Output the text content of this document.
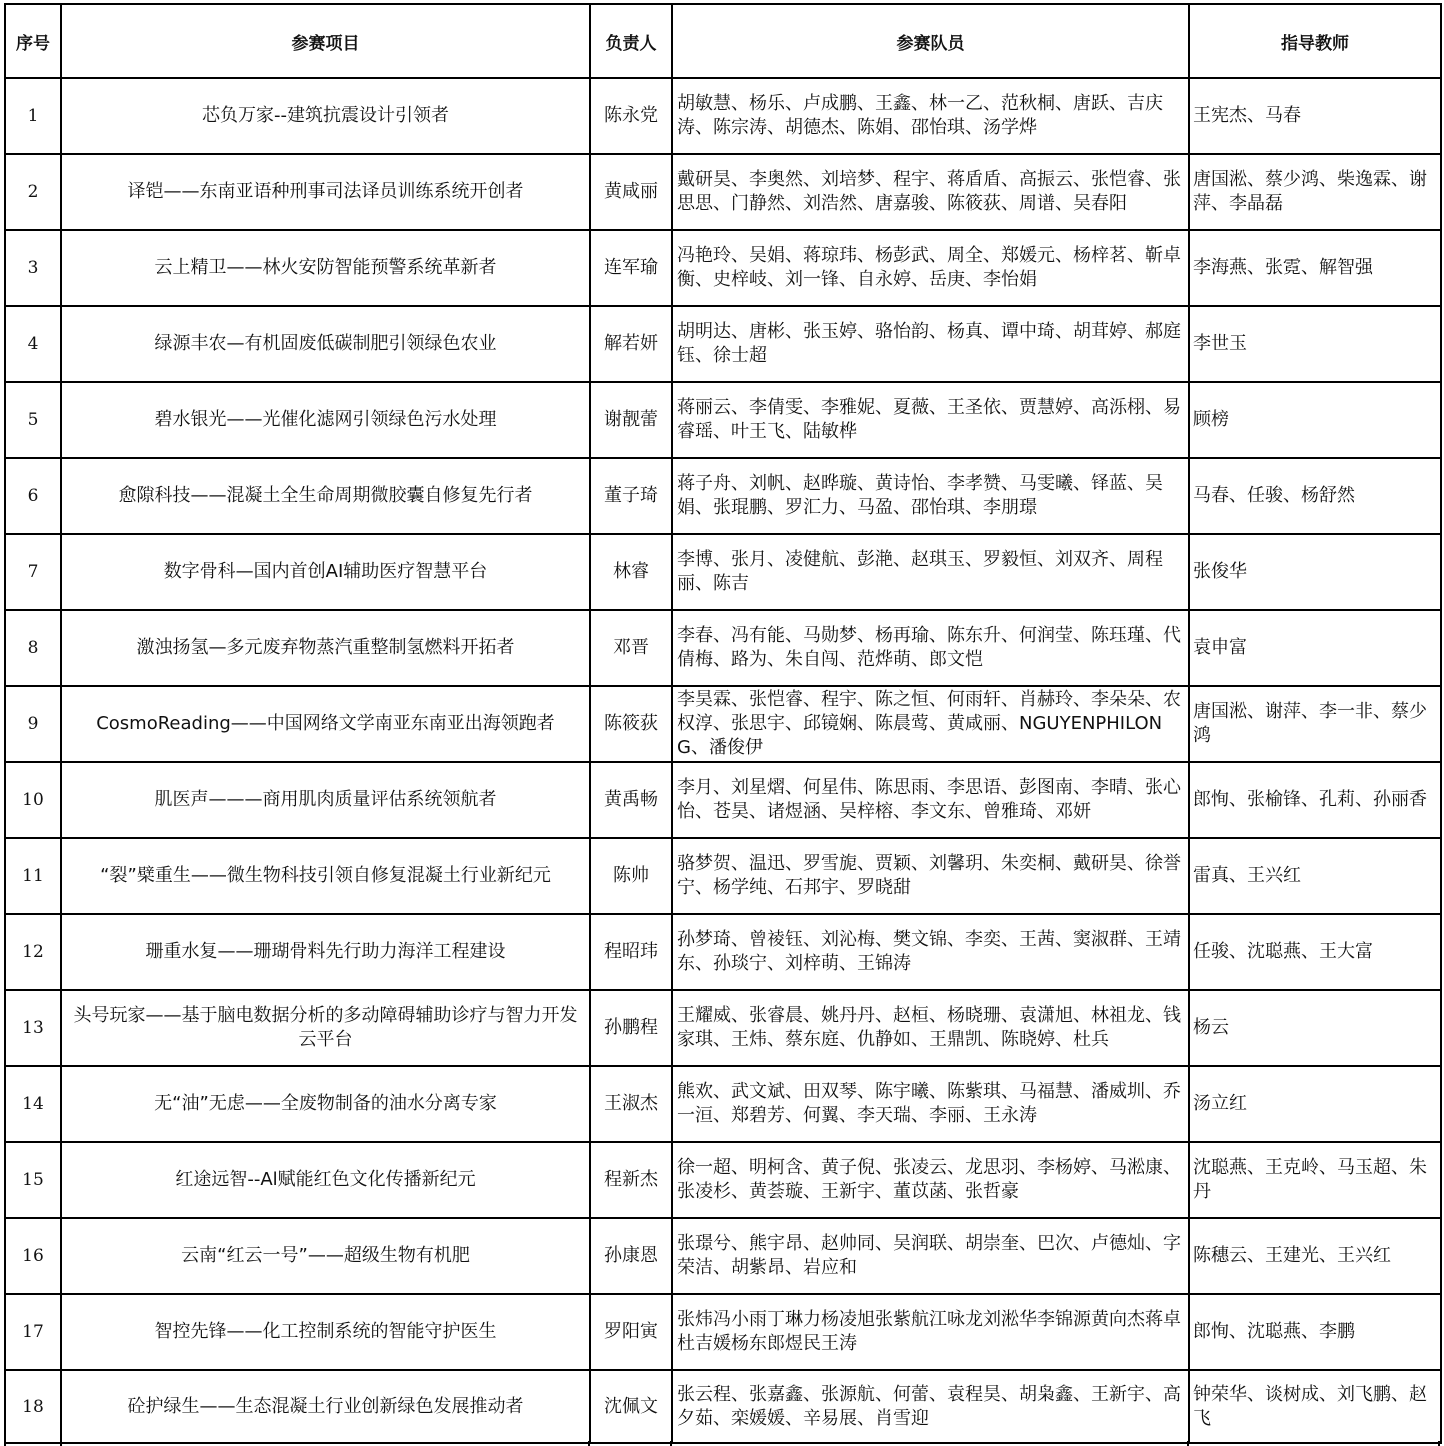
序号	参赛项目	负责人	参赛队员	指导教师
1	芯负万家--建筑抗震设计引领者	陈永党	胡敏慧、杨乐、卢成鹏、王鑫、林一乙、范秋桐、唐跃、吉庆涛、陈宗涛、胡德杰、陈娟、邵怡琪、汤学烨	王宪杰、马春
2	译铠——东南亚语种刑事司法译员训练系统开创者	黄咸丽	戴研昊、李奥然、刘培梦、程宇、蒋盾盾、高振云、张恺睿、张思思、门静然、刘浩然、唐嘉骏、陈筱荻、周谱、吴春阳	唐国淞、蔡少鸿、柴逸霖、谢萍、李晶磊
3	云上精卫——林火安防智能预警系统革新者	连军瑜	冯艳玲、吴娟、蒋琼玮、杨彭武、周全、郑媛元、杨梓茗、靳卓衡、史梓岐、刘一锋、自永婷、岳庚、李怡娟	李海燕、张霓、解智强
4	绿源丰农—有机固废低碳制肥引领绿色农业	解若妍	胡明达、唐彬、张玉婷、骆怡韵、杨真、谭中琦、胡茸婷、郝庭钰、徐士超	李世玉
5	碧水银光——光催化滤网引领绿色污水处理	谢靓蕾	蒋丽云、李倩雯、李雅妮、夏薇、王圣依、贾慧婷、高泺栩、易睿瑶、叶王飞、陆敏桦	顾榜
6	愈隙科技——混凝土全生命周期微胶囊自修复先行者	董子琦	蒋子舟、刘帆、赵晔璇、黄诗怡、李孝赞、马雯曦、铎蓝、吴娟、张琨鹏、罗汇力、马盈、邵怡琪、李朋璟	马春、任骏、杨舒然
7	数字骨科—国内首创AI辅助医疗智慧平台	林睿	李博、张月、凌健航、彭滟、赵琪玉、罗毅恒、刘双齐、周程丽、陈吉	张俊华
8	激浊扬氢—多元废弃物蒸汽重整制氢燃料开拓者	邓晋	李春、冯有能、马勋梦、杨再瑜、陈东升、何润莹、陈珏瑾、代倩梅、路为、朱自闯、范烨萌、郎文恺	袁申富
9	CosmoReading——中国网络文学南亚东南亚出海领跑者	陈筱荻	李昊霖、张恺睿、程宇、陈之恒、何雨轩、肖赫玲、李朵朵、农权淳、张思宇、邱镜娴、陈晨莺、黄咸丽、NGUYENPHILONG、潘俊伊	唐国淞、谢萍、李一非、蔡少鸿
10	肌医声———商用肌肉质量评估系统领航者	黄禹畅	李月、刘星熠、何星伟、陈思雨、李思语、彭图南、李晴、张心怡、苍昊、诸煜涵、吴梓榕、李文东、曾雅琦、邓妍	郎恂、张榆锋、孔莉、孙丽香
11	“裂”檗重生——微生物科技引领自修复混凝土行业新纪元	陈帅	骆梦贺、温迅、罗雪旎、贾颖、刘馨玥、朱奕桐、戴研昊、徐誉宁、杨学纯、石邦宇、罗晓甜	雷真、王兴红
12	珊重水复——珊瑚骨料先行助力海洋工程建设	程昭玮	孙梦琦、曾祾钰、刘沁梅、樊文锦、李奕、王茜、窦淑群、王靖东、孙琰宁、刘梓萌、王锦涛	任骏、沈聪燕、王大富
13	头号玩家——基于脑电数据分析的多动障碍辅助诊疗与智力开发云平台	孙鹏程	王耀威、张睿晨、姚丹丹、赵桓、杨晓珊、袁潇旭、林祖龙、钱家琪、王炜、蔡东庭、仇静如、王鼎凯、陈晓婷、杜兵	杨云
14	无“油”无虑——全废物制备的油水分离专家	王淑杰	熊欢、武文斌、田双琴、陈宇曦、陈紫琪、马福慧、潘威圳、乔一洹、郑碧芳、何翼、李天瑞、李丽、王永涛	汤立红
15	红途远智--Al赋能红色文化传播新纪元	程新杰	徐一超、明柯含、黄子倪、张凌云、龙思羽、李杨婷、马淞康、张凌杉、黄荟璇、王新宇、董苡菡、张哲豪	沈聪燕、王克岭、马玉超、朱丹
16	云南“红云一号”——超级生物有机肥	孙康恩	张璟兮、熊宇昂、赵帅同、吴润联、胡崇奎、巴次、卢德灿、字荣洁、胡紫昂、岩应和	陈穗云、王建光、王兴红
17	智控先锋——化工控制系统的智能守护医生	罗阳寅	张炜冯小雨丁琳力杨凌旭张紫航江咏龙刘淞华李锦源黄向杰蒋卓杜吉媛杨东郎煜民王涛	郎恂、沈聪燕、李鹏
18	砼护绿生——生态混凝土行业创新绿色发展推动者	沈佩文	张云程、张嘉鑫、张源航、何蕾、袁程昊、胡枭鑫、王新宇、高夕茹、栾媛媛、辛易展、肖雪迎	钟荣华、谈树成、刘飞鹏、赵飞
